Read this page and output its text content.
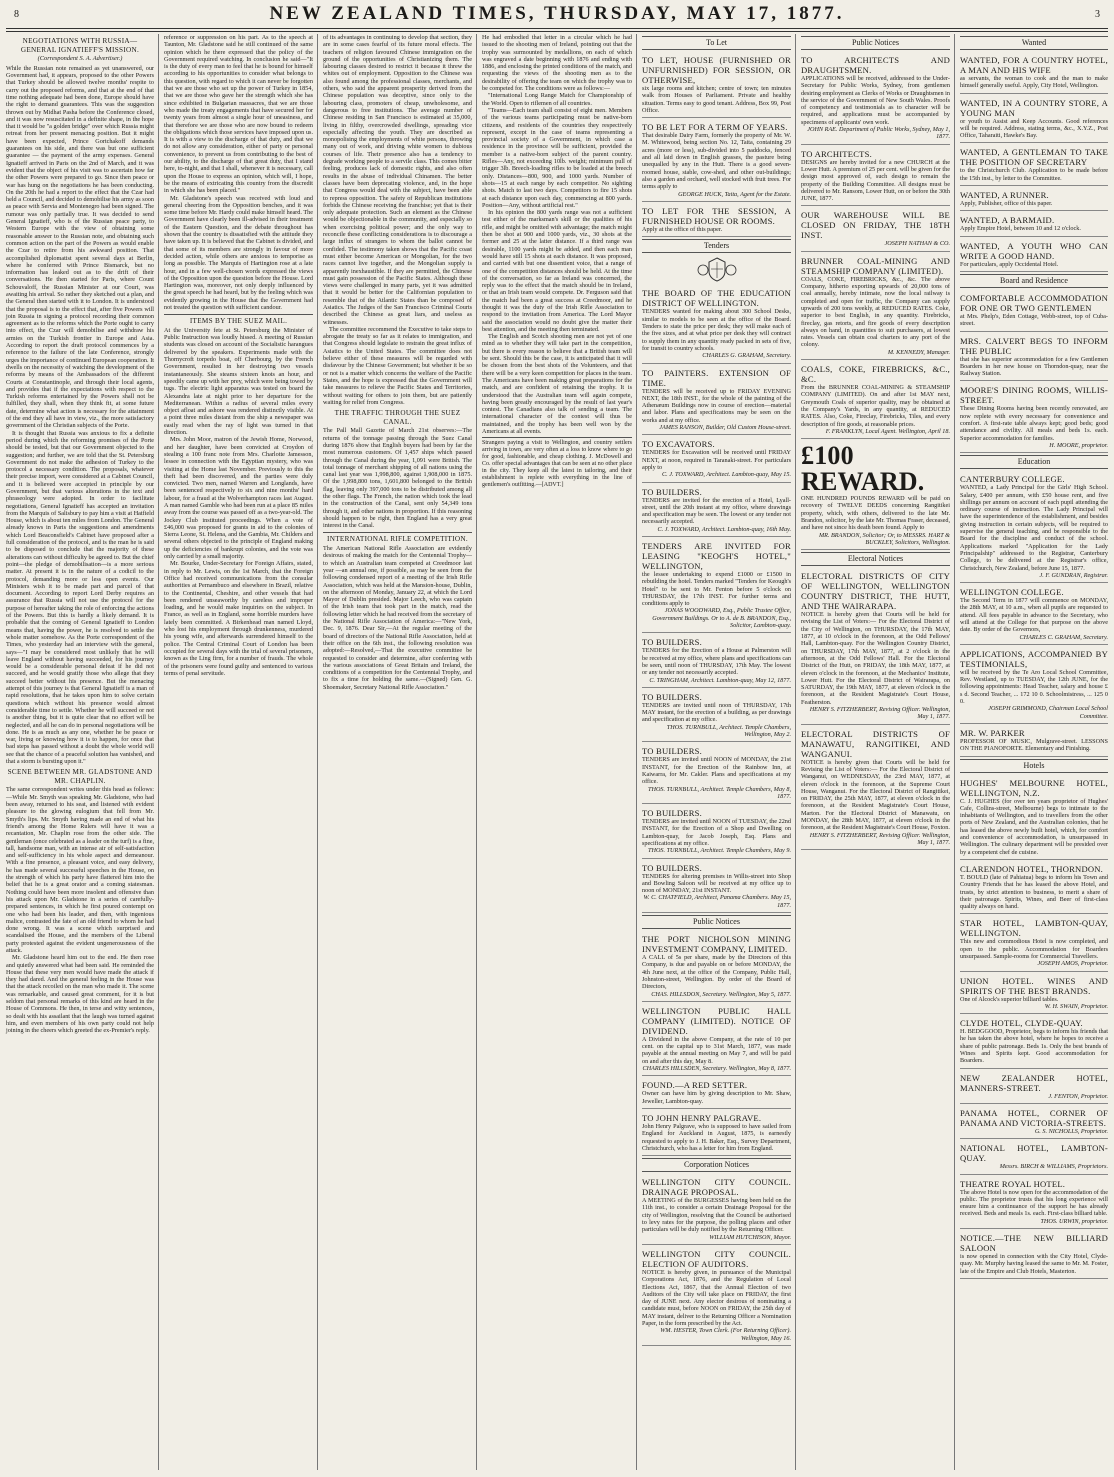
8	NEW ZEALAND TIMES, THURSDAY, MAY 17, 1877.	3
NEGOTIATIONS WITH RUSSIA— GENERAL IGNATIEFF'S MISSION.
(Correspondent S. A. Advertiser.)

While the Russian note remained as yet unanswered, our Government had, it appears, proposed to the other Powers that Turkey should be allowed twelve months' respite to carry out the proposed reforms, and that at the end of that time nothing adequate had been done, Europe should have the right to demand guarantees. This was the suggestion thrown out by Midhat Pasha before the Conference closed, and it was now resuscitated in a definite shape, in the hope that it would be "a golden bridge" over which Russia might retreat from her present menacing position. But it might have been expected, Prince Gortchakoff demands guarantees on his side, and there was but one sufficient guarantee — the payment of the army expenses. General Ignatieff arrived in Paris on the 2nd of March, and it was evident that the object of his visit was to ascertain how far the other Powers were prepared to go. Since then peace or war has hung on the negotiations he has been conducting. On the 20th he had a report to the effect that the Czar had held a Council, and decided to demobilise his army as soon as peace with Servia and Montenegro had been signed. The rumour was only partially true. It was decided to send General Ignatieff, who is of the Russian peace party, to Western Europe with the view of obtaining some reasonable answer to the Russian note, and obtaining such common action on the part of the Powers as would enable the Czar to retire from his awkward position. That accomplished diplomatist spent several days at Berlin, where he conferred with Prince Bismarck, but no information has leaked out as to the drift of their conversations. He then started for Paris, where Count Schouvaloff, the Russian Minister at our Court, was awaiting his arrival. So rather they sketched out a plan, and the General then started with it to London. It is understood that the proposal is to the effect that, after five Powers will join Russia in signing a protocol recording their common agreement as to the reforms which the Porte ought to carry into effect, the Czar will demobilise and withdraw his armies on the Turkish frontier in Europe and Asia. According to report the draft protocol commences by a reference to the failure of the late Conference, strongly urges the importance of continued European cooperation. It dwells on the necessity of watching the development of the reforms by means of the Ambassadors of the different Courts at Constantinople, and through their local agents, and provides that if the expectations with respect to the Turkish reforms entertained by the Powers shall not be fulfilled, they shall, when they think fit, at some future date, determine what action is necessary for the attainment of the end they all have in view, viz., the more satisfactory government of the Christian subjects of the Porte.

It is thought that Russia was anxious to fix a definite period during which the reforming promises of the Porte should be tested, but that our Government objected to the suggestion; and further, we are told that the St. Petersburg Government do not make the adhesion of Turkey to the protocol a necessary condition. The proposals, whatever their precise import, were considered at a Cabinet Council, and it is believed were accepted in principle by our Government, but that various alterations in the text and phraseology were adopted. In order to facilitate negotiations, General Ignatieff has accepted an invitation from the Marquis of Salisbury to pay him a visit at Hatfield House, which is about ten miles from London. The General already knows in Paris the suggestions and amendments which Lord Beaconsfield's Cabinet have proposed after a full consideration of the protocol, and is the man he is said to be disposed to conclude that the majority of these alterations can without difficulty be agreed to. But the chief point—the pledge of demobilisation—is a more serious matter. At present it is in the nature of a codicil to the protocol, demanding more or less open events. Our Ministers wish it to be made part and parcel of that document. According to report Lord Derby requires an assurance that Russia will not use the protocol for the purpose of hereafter taking the role of enforcing the actions of the Powers. But this is hardly a likely demand. It is probable that the coming of General Ignatieff to London means that, having the power, he is resolved to settle the whole matter somehow. As the Porte correspondent of the Times, who yesterday had an interview with the general, says—"I may be considered most unlikely that he will leave England without having succeeded, for his journey would be a considerable personal defeat if he did not succeed, and he would gratify those who allege that they succeed better without his presence. But the menacing attempt of this journey is that General Ignatieff is a man of rapid resolutions, that he takes upon him to solve certain questions which without his presence would almost considerable time to settle. Whether he will succeed or not is another thing, but it is quite clear that no effort will be neglected, and all he can do in personal negotiations will be done. He is as much as any one, whether he be peace or war, living or knowing how it is to happen, for once that bad steps has passed without a doubt the whole world will see that the chance of a peaceful solution has vanished, and that a storm is bursting upon it."

SCENE BETWEEN MR. GLADSTONE AND MR. CHAPLIN.

The same correspondent writes under this head as follows:—While Mr. Smyth was speaking Mr. Gladstone, who had been away, returned to his seat, and listened with evident pleasure to the glowing eulogium that fell from Mr. Smyth's lips. Mr. Smyth having made an end of what his friend's among the Home Rulers will have it was a recantation, Mr. Chaplin rose from the other side. The gentleman (once celebrated as a leader on the turf) is a fine, tall, handsome man, with an intense air of self-satisfaction and self-sufficiency in his whole aspect and demeanour. With a fine presence, a pleasant voice, and easy delivery, he has made several successful speeches in the House, on the strength of which his party have flattered him into the belief that he is a great orator and a coming statesman. Nothing could have been more insolent and offensive than his attack upon Mr. Gladstone in a series of carefully-prepared sentences, in which he first poured contempt on one who had been his leader, and then, with ingenious malice, contrasted the fate of an old friend to whom he had done wrong. It was a scene which surprised and scandalised the House, and the members of the Liberal party protested against the evident ungenerousness of the attack.

Mr. Gladstone heard him out to the end. He then rose and quietly answered what had been said. He reminded the House that these very men would have made the attack if they had dared. And the general feeling in the House was that the attack recoiled on the man who made it. The scene was remarkable, and caused great comment, for it is but seldom that personal remarks of this kind are heard in the House of Commons. He then, in terse and witty sentences, so dealt with his assailant that the laugh was turned against him, and even members of his own party could not help joining in the cheers which greeted the ex-Premier's reply.

reference or suppression on his part. As to the speech at Taunton, Mr. Gladstone said he still continued of the same opinion which he there expressed that the policy of the Government required watching. In conclusion he said—"It is the duty of every man to feel that he is bound for himself according to his opportunities to consider what belongs to this question, with regard to which it can never be forgotten that we are those who set up the power of Turkey in 1854, that we are those who gave her the strength which she has since exhibited in Bulgarian massacres, that we are those who made the treaty engagements that have secured her for twenty years from almost a single hour of uneasiness, and that therefore we are those who are now bound to redeem the obligations which those services have imposed upon us. It is with a view to the discharge of that duty, and that we do not allow any consideration, either of party or personal convenience, to prevent us from contributing to the best of our ability, to the discharge of that great duty, that I stand here, to-night, and that I shall, whenever it is necessary, call upon the House to express an opinion, which will, I hope, be the means of extricating this country from the discredit in which she has been placed."

Mr. Gladstone's speech was received with loud and general cheering from the Opposition benches, and it was some time before Mr. Hardy could make himself heard. The Government have clearly been ill-advised in their treatment of the Eastern Question, and the debate throughout has shown that the country is dissatisfied with the attitude they have taken up. It is believed that the Cabinet is divided, and that some of its members are strongly in favour of more decided action, while others are anxious to temporise as long as possible. The Marquis of Hartington rose at a late hour, and in a few well-chosen words expressed the views of the Opposition upon the question before the House. Lord Hartington was, moreover, not only deeply influenced by the great speech he had heard, but by the feeling which was evidently growing in the House that the Government had not treated the question with sufficient candour.

ITEMS BY THE SUEZ MAIL.

At the University fete at St. Petersburg the Minister of Public Instruction was loudly hissed. A meeting of Russian students was closed on account of the Socialistic harangues delivered by the speakers. Experiments made with the Thornycroft torpedo boat, off Cherbourg, by the French Government, resulted in her destroying two vessels instantaneously. She steams sixteen knots an hour, and speedily came up with her prey, which were being towed by tugs. The electric light apparatus was tested on board the Alexandra late at night prior to her departure for the Mediterranean. Within a radius of several miles every object afloat and ashore was rendered distinctly visible. At a point three miles distant from the ship a newspaper was easily read when the ray of light was turned in that direction.

Mrs. John Moor, matron of the Jewish Home, Norwood, and her daughter, have been convicted at Croydon of stealing a 100 franc note from Mrs. Charlotte Jamesson, lessee in connection with the Egyptian mystery, who was visiting at the Home last November. Previously to this the theft had been discovered, and the parties were duly convicted. Two men, named Warren and Longlands, have been sentenced respectively to six and nine months' hard labour, for a fraud at the Wolverhampton races last August. A man named Gamble who had been run at a place 85 miles away from the course was passed off as a two-year-old. The Jockey Club instituted proceedings. When a vote of £46,000 was proposed for grants in aid to the colonies of Sierra Leone, St. Helena, and the Gambia, Mr. Childers and several others objected to the principle of England making up the deficiencies of bankrupt colonies, and the vote was only carried by a small majority.

Mr. Bourke, Under-Secretary for Foreign Affairs, stated, in reply to Mr. Lewis, on the 1st March, that the Foreign Office had received communications from the consular authorities at Pernambuco and elsewhere in Brazil, relative to the Continental, Cheshire, and other vessels that had been rendered unseaworthy by careless and improper loading, and he would make inquiries on the subject. In France, as well as in England, some horrible murders have lately been committed. A Birkenhead man named Lloyd, who lost his employment through drunkenness, murdered his young wife, and afterwards surrendered himself to the police. The Central Criminal Court of London has been occupied for several days with the trial of several prisoners, known as the Ling firm, for a number of frauds. The whole of the prisoners were found guilty and sentenced to various terms of penal servitude.

of its advantages in continuing to develop that section, they are in some cases fearful of its future moral effects. The teachers of religion favoured Chinese immigration on the ground of the opportunities of Christianizing them. The labouring classes desired to restrict it because it threw the whites out of employment. Opposition to the Chinese was also found among the professional classes, merchants, and others, who said the apparent prosperity derived from the Chinese population was deceptive, since only to the labouring class, promoters of cheap, unwholesome, and dangerous to free institutions. The average number of Chinese residing in San Francisco is estimated at 35,000, living in filthy, overcrowded dwellings, spreading vice especially affecting the youth. They are described as monopolising the employments of white persons, throwing many out of work, and driving white women to dubious courses of life. Their presence also has a tendency to degrade working people to a servile class. This comes bitter feeling, produces lack of domestic rights, and also often results in the abuse of individual Chinamen. The better classes have been deprecating violence, and, in the hope that Congress would deal with the subject, have been able to repress opposition. The safety of Republican institutions forbids the Chinese receiving the franchise; yet that is their only adequate protection. Such an element as the Chinese would be objectionable in the community, and especially so when exercising political power; and the only way to reconcile these conflicting considerations is to discourage a large influx of strangers to whom the ballot cannot be confided. The testimony taken shows that the Pacific coast must either become American or Mongolian, for the two races cannot live together, and the Mongolian supply is apparently inexhaustible. If they are permitted, the Chinese must gain possession of the Pacific States. Although these views were challenged in many parts, yet it was admitted that it would be better for the Californian population to resemble that of the Atlantic States than be composed of Asiatics. The Judges of the San Francisco Criminal Courts described the Chinese as great liars, and useless as witnesses.

The committee recommend the Executive to take steps to abrogate the treaty so far as it relates to immigration, and that Congress should legislate to restrain the great influx of Asiatics to the United States. The committee does not believe either of these measures will be regarded with disfavour by the Chinese Government; but whether it be so or not is a matter which concerns the welfare of the Pacific States, and the hope is expressed that the Government will take measures to relieve the Pacific States and Territories, without waiting for others to join them, but are patiently waiting for relief from Congress.

THE TRAFFIC THROUGH THE SUEZ CANAL.

The Pall Mall Gazette of March 21st observes:—The returns of the tonnage passing through the Suez Canal during 1876 show that English buyers had been by far the most numerous customers. Of 1,457 ships which passed through the Canal during the year, 1,091 were British. The total tonnage of merchant shipping of all nations using the canal last year was 1,998,800, against 1,908,000 in 1875. Of the 1,998,800 tons, 1,601,800 belonged to the British flag, leaving only 397,000 tons to be distributed among all the other flags. The French, the nation which took the lead in the construction of the Canal, sent only 54,349 tons through it, and other nations in proportion. If this reasoning should happen to be right, then England has a very great interest in the Canal.

INTERNATIONAL RIFLE COMPETITION.

The American National Rifle Association are evidently desirous of making the match for the Centennial Trophy—to which an Australian team competed at Creedmoor last year —an annual one, if possible, as may be seen from the following condensed report of a meeting of the Irish Rifle Association, which was held at the Mansion-house, Dublin, on the afternoon of Monday, January 22, at which the Lord Mayor of Dublin presided. Major Leech, who was captain of the Irish team that took part in the match, read the following letter which he had received from the secretary of the National Rifle Association of America:—"New York, Dec. 9, 1876. Dear Sir,—At the regular meeting of the board of directors of the National Rifle Association, held at their office on the 6th inst., the following resolution was adopted:—Resolved,—That the executive committee be requested to consider and determine, after conferring with the various associations of Great Britain and Ireland, the conditions of a competition for the Centennial Trophy, and to fix a time for holding the same.—(Signed) Gen. G. Shoemaker, Secretary National Rifle Association."

He had embodied that letter in a circular which he had issued to the shooting men of Ireland, pointing out that the trophy was surmounted by medallions, on each of which was engraved a date beginning with 1876 and ending with 1886, and enclosing the printed conditions of the match, and requesting the views of the shooting men as to the desirability of offering the team on which the trophy was to be competed for. The conditions were as follows:—

"International Long Range Match for Championship of the World. Open to riflemen of all countries.

"Teams—Each team shall consist of eight men. Members of the various teams participating must be native-born citizens, and residents of the countries they respectively represent, except in the case of teams representing a provincial society of a Government, in which case a residence in the province will be sufficient, provided the member is a native-born subject of the parent country. Rifles—Any, not exceeding 10lb. weight; minimum pull of trigger 3lb. Breech-loading rifles to be loaded at the breech only. Distances—800, 900, and 1000 yards. Number of shots—15 at each range by each competitor. No sighting shots. Match to last two days. Competitors to fire 15 shots at each distance upon each day, commencing at 800 yards. Position—Any, without artificial rest."

In his opinion the 800 yards range was not a sufficient test either of the marksman's skill or the qualities of his rifle, and might be omitted with advantage; the match might then be shot at 900 and 1000 yards, viz., 30 shots at the former and 25 at the latter distance. If a third range was desirable, 1100 yards might be added, and then each man would have still 15 shots at each distance. It was proposed, and carried with but one dissentient voice, that a range of one of the competition distances should be held. At the time of the conversation, so far as Ireland was concerned, the reply was to the effect that the match should be in Ireland, or that an Irish team would compete. Dr. Ferguson said that the match had been a great success at Creedmoor, and he thought it was the duty of the Irish Rifle Association to respond to the invitation from America. The Lord Mayor said the association would no doubt give the matter their best attention, and the meeting then terminated.

The English and Scotch shooting men are not yet of one mind as to whether they will take part in the competition, but there is every reason to believe that a British team will be sent. Should this be the case, it is anticipated that it will be chosen from the best shots of the Volunteers, and that there will be a very keen competition for places in the team. The Americans have been making great preparations for the match, and are confident of retaining the trophy. It is understood that the Australian team will again compete, having been greatly encouraged by the result of last year's contest. The Canadians also talk of sending a team. The international character of the contest will thus be maintained, and the trophy has been well won by the Americans at all events.

Strangers paying a visit to Wellington, and country settlers arriving in town, are very often at a loss to know where to go for good, fashionable, and cheap clothing. J. McDowell and Co. offer special advantages that can be seen at no other place in the city. They keep all the latest in tailoring, and their establishment is replete with everything in the line of gentlemen's outfitting.—[ADVT.]

To Let
TO LET, HOUSE (FURNISHED OR UNFURNISHED) FOR SESSION, OR OTHERWISE,
six large rooms and kitchen; centre of town; ten minutes walk from Houses of Parliament. Private and healthy situation. Terms easy to good tenant. Address, Box 99, Post Office.
TO BE LET FOR A TERM OF YEARS.
That desirable Dairy Farm, formerly the property of Mr. W. M. Whitewood, being section No. 12, Taita, containing 29 acres (more or less), sub-divided into 5 paddocks, fenced and all laid down in English grasses, the pasture being unequalled by any in the Hutt. There is a good seven-roomed house, stable, cow-shed, and other out-buildings; also a garden and orchard, well stocked with fruit trees. For terms apply to
GEORGE HUCK, Taita, Agent for the Estate.
TO LET FOR THE SESSION, A FURNISHED HOUSE OR ROOMS.
Apply at the office of this paper.
Tenders
THE BOARD OF THE EDUCATION DISTRICT OF WELLINGTON.
TENDERS wanted for making about 300 School Desks, similar to models to be seen at the office of the Board. Tenders to state the price per desk; they will make each of the five sizes, and at what price per desk they will contract to supply them in any quantity ready packed in sets of five, for transit to country schools.
CHARLES G. GRAHAM, Secretary.
TO PAINTERS. EXTENSION OF TIME.
TENDERS will be received up to FRIDAY EVENING NEXT, the 18th INST., for the whole of the painting of the Athenæum Buildings now in course of erection—material and labor. Plans and specifications may be seen on the works and at my office.
JAMES RANSON, Builder, Old Custom House-street.
TO EXCAVATORS.
TENDERS for Excavation will be received until FRIDAY NEXT, at noon, required in Taranaki-street. For particulars apply to
C. J. TOXWARD, Architect. Lambton-quay, May 15.
TO BUILDERS.
TENDERS are invited for the erection of a Hotel, Lyall-street, until the 20th instant at my office, where drawings and specification may be seen. The lowest or any tender not necessarily accepted.
C. J. TOXWARD, Architect. Lambton-quay, 16th May.
TENDERS ARE INVITED FOR LEASING "KEOGH'S HOTEL," WELLINGTON,
the lessee undertaking to expend £1000 or £1500 in rebuilding the hotel. Tenders marked "Tenders for Keough's Hotel" to be sent to Mr. Fenton before 5 o'clock on THURSDAY, the 17th INST. For further terms and conditions apply to
JONAS WOODWARD, Esq., Public Trustee Office, Government Buildings. Or to A. de B. BRANDON, Esq., Solicitor, Lambton-quay.
TO BUILDERS.
TENDERS for the Erection of a House at Palmerston will be received at my office, where plans and specifications can be seen, until noon of THURSDAY, 17th May. The lowest or any tender not necessarily accepted.
C. TRINGHAM, Architect. Lambton-quay, May 12, 1877.
TO BUILDERS.
TENDERS are invited until noon of THURSDAY, 17th MAY instant, for the erection of a building, as per drawings and specification at my office.
THOS. TURNBULL, Architect. Temple Chambers, Wellington, May 2.
TO BUILDERS.
TENDERS are invited until NOON of MONDAY, the 21st INSTANT, for the Erection of the Rainbow Inn, at Kaiwarra, for Mr. Cakler. Plans and specifications at my office.
THOS. TURNBULL, Architect. Temple Chambers, May 8, 1877.
TO BUILDERS.
TENDERS are invited until NOON of TUESDAY, the 22nd INSTANT, for the Erection of a Shop and Dwelling on Lambton-quay, for Jacob Joseph, Esq. Plans and specifications at my office.
THOS. TURNBULL, Architect. Temple Chambers, May 9.
TO BUILDERS.
TENDERS for altering premises in Willis-street into Shop and Bowling Saloon will be received at my office up to noon of MONDAY, 21st INSTANT.
W. C. CHATFIELD, Architect, Panama Chambers. May 15, 1877.
Public Notices
THE PORT NICHOLSON MINING INVESTMENT COMPANY, LIMITED.
A CALL of 5s per share, made by the Directors of this Company, is due and payable on or before MONDAY, the 4th June next, at the office of the Company, Public Hall, Johnston-street, Wellington. By order of the Board of Directors,
CHAS. HILLSDON, Secretary. Wellington, May 5, 1877.
WELLINGTON PUBLIC HALL COMPANY (LIMITED). NOTICE OF DIVIDEND.
A Dividend in the above Company, at the rate of 10 per cent. on the capital up to 31st March, 1877, was made payable at the annual meeting on May 7, and will be paid on and after this day, May 8.
CHARLES HILLSDEN, Secretary. Wellington, May 8, 1877.
FOUND.—A RED SETTER.
Owner can have him by giving description to Mr. Shaw, Jeweller, Lambton-quay.
TO JOHN HENRY PALGRAVE.
John Henry Palgrave, who is supposed to have sailed from England for Auckland in August, 1875, is earnestly requested to apply to J. H. Baker, Esq., Survey Department, Christchurch, who has a letter for him from England.
Corporation Notices
WELLINGTON CITY COUNCIL. DRAINAGE PROPOSAL.
A MEETING of the BURGESSES having been held on the 11th inst., to consider a certain Drainage Proposal for the city of Wellington, resolving that the Council be authorised to levy rates for the purpose, the polling places and other particulars will be duly notified by the Returning Officer.
WILLIAM HUTCHISON, Mayor.
WELLINGTON CITY COUNCIL. ELECTION OF AUDITORS.
NOTICE is hereby given, in pursuance of the Municipal Corporations Act, 1876, and the Regulation of Local Elections Act, 1867, that the Annual Election of two Auditors of the City will take place on FRIDAY, the first day of JUNE next. Any elector desirous of nominating a candidate must, before NOON on FRIDAY, the 25th day of MAY instant, deliver to the Returning Officer a Nomination Paper, in the form prescribed by the Act.
WM. HESTER, Town Clerk. (For Returning Officer). Wellington, May 16.
Public Notices
TO ARCHITECTS AND DRAUGHTSMEN.
APPLICATIONS will be received, addressed to the Under-Secretary for Public Works, Sydney, from gentlemen desiring employment as Clerks of Works or Draughtsmen in the service of the Government of New South Wales. Proofs of competency and testimonials as to character will be required, and applications must be accompanied by specimens of applicants' own work.
JOHN RAE. Department of Public Works, Sydney, May 1, 1877.
TO ARCHITECTS.
DESIGNS are hereby invited for a new CHURCH at the Lower Hutt. A premium of 25 per cent. will be given for the design most approved of, such design to remain the property of the Building Committee. All designs must be delivered to Mr. Ransom, Lower Hutt, on or before the 30th JUNE, 1877.
OUR WAREHOUSE WILL BE CLOSED ON FRIDAY, THE 18TH INST.
JOSEPH NATHAN & CO.
BRUNNER COAL-MINING AND STEAMSHIP COMPANY (LIMITED).
COALS, COKE, FIREBRICKS, &c., &c. The above Company, hitherto exporting upwards of 20,000 tons of coal annually, hereby intimate, now the local railway is completed and open for traffic, the Company can supply upwards of 200 tons weekly, at REDUCED RATES. Coke, superior to best English, in any quantity. Firebricks, fireclay, gas retorts, and fire goods of every description always on hand, in quantities to suit purchasers, at lowest rates. Vessels can obtain coal charters to any port of the colony.
M. KENNEDY, Manager.
COALS, COKE, FIREBRICKS, &C., &C.
From the BRUNNER COAL-MINING & STEAMSHIP COMPANY (LIMITED). On and after 1st MAY next, Greymouth Coals of superior quality, may be obtained at the Company's Yards, in any quantity, at REDUCED RATES. Also, Coke, Fireclay, Firebricks, Tiles, and every description of fire goods, at reasonable prices.
F. FRANKLYN, Local Agent. Wellington, April 18.
£100 REWARD.
ONE HUNDRED POUNDS REWARD will be paid on recovery of TWELVE DEEDS concerning Rangitikei property, which, with others, delivered to the late Mr. Brandon, solicitor, by the late Mr. Thomas Fraser, deceased, and have not since his death been found. Apply to
MR. BRANDON, Solicitor; Or, to MESSRS. HART & BUCKLEY, Solicitors, Wellington.
Electoral Notices
ELECTORAL DISTRICTS OF CITY OF WELLINGTON, WELLINGTON COUNTRY DISTRICT, THE HUTT, AND THE WAIRARAPA.
NOTICE is hereby given that Courts will be held for revising the List of Voters:— For the Electoral District of the City of Wellington, on THURSDAY, the 17th MAY, 1877, at 10 o'clock in the forenoon, at the Odd Fellows' Hall, Lambton-quay. For the Wellington Country District, on THURSDAY, 17th MAY, 1877, at 2 o'clock in the afternoon, at the Odd Fellows' Hall. For the Electoral District of the Hutt, on FRIDAY, the 18th MAY, 1877, at eleven o'clock in the forenoon, at the Mechanics' Institute, Lower Hutt. For the Electoral District of Wairarapa, on SATURDAY, the 19th MAY, 1877, at eleven o'clock in the forenoon, at the Resident Magistrate's Court House, Featherston.
HENRY S. FITZHERBERT, Revising Officer. Wellington, May 1, 1877.
ELECTORAL DISTRICTS OF MANAWATU, RANGITIKEI, AND WANGANUI.
NOTICE is hereby given that Courts will be held for Revising the List of Voters:— For the Electoral District of Wanganui, on WEDNESDAY, the 23rd MAY, 1877, at eleven o'clock in the forenoon, at the Supreme Court House, Wanganui. For the Electoral District of Rangitikei, on FRIDAY, the 25th MAY, 1877, at eleven o'clock in the forenoon, at the Resident Magistrate's Court House, Marton. For the Electoral District of Manawatu, on MONDAY, the 28th MAY, 1877, at eleven o'clock in the forenoon, at the Resident Magistrate's Court House, Foxton.
HENRY S. FITZHERBERT, Revising Officer. Wellington, May 1, 1877.
Wanted
WANTED, FOR A COUNTRY HOTEL, A MAN AND HIS WIFE
as servants, the woman to cook and the man to make himself generally useful. Apply, City Hotel, Wellington.
WANTED, IN A COUNTRY STORE, A YOUNG MAN
or youth to Assist and Keep Accounts. Good references will be required. Address, stating terms, &c., X.Y.Z., Post Office, Taharaiti, Hawke's Bay.
WANTED, A GENTLEMAN TO TAKE THE POSITION OF SECRETARY
to the Christchurch Club. Application to be made before the 15th inst., by letter to the Committee.
WANTED, A RUNNER.
Apply, Publisher, office of this paper.
WANTED, A BARMAID.
Apply Empire Hotel, between 10 and 12 o'clock.
WANTED, A YOUTH WHO CAN WRITE A GOOD HAND.
For particulars, apply Occidental Hotel.
Board and Residence
COMFORTABLE ACCOMMODATION FOR ONE OR TWO GENTLEMEN
at Mrs. Phelp's, Eden Cottage, Webb-street, top of Cuba-street.
MRS. CALVERT BEGS TO INFORM THE PUBLIC
that she has superior accommodation for a few Gentlemen Boarders in her new house on Thorndon-quay, near the Railway Station.
MOORE'S DINING ROOMS, WILLIS-STREET.
These Dining Rooms having been recently renovated, are now replete with every necessary for convenience and comfort. A first-rate table always kept; good beds; good attendance and civility. All meals and beds 1s. each. Superior accommodation for families.
H. MOORE, proprietor.
Education
CANTERBURY COLLEGE.
WANTED, a Lady Principal for the Girls' High School. Salary, £400 per annum, with £50 house rent, and five shillings per annum on account of each pupil attending the ordinary course of instruction. The Lady Principal will have the superintendence of the establishment, and besides giving instruction in certain subjects, will be required to supervise the general teaching, and be responsible to the Board for the discipline and conduct of the school. Applications marked "Application for the Lady Principalship" addressed to the Registrar, Canterbury College, to be delivered at the Registrar's office, Christchurch, New Zealand, before June 15, 1877.
J. F. GUNDRAN, Registrar.
WELLINGTON COLLEGE.
The Second Term in 1877 will commence on MONDAY, the 28th MAY, at 10 a.m., when all pupils are requested to attend. All fees payable in advance to the Secretary, who will attend at the College for that purpose on the above date. By order of the Governors,
CHARLES C. GRAHAM, Secretary.
APPLICATIONS, ACCOMPANIED BY TESTIMONIALS,
will be received by the Te Aro Local School Committee, Rev. Westland, up to TUESDAY, the 12th JUNE, for the following appointments: Head Teacher, salary and house £ s d. Second Teacher, ... 172 10 0. Schoolmistress, ... 125 0 0.
JOSEPH GRIMMOND, Chairman Local School Committee.
MR. W. PARKER
PROFESSOR OF MUSIC, Mulgrave-street. LESSONS ON THE PIANOFORTE. Elementary and Finishing.
Hotels
HUGHES' MELBOURNE HOTEL, WELLINGTON, N.Z.
C. J. HUGHES (for over ten years proprietor of Hughes' Cafe, Collins-street, Melbourne) begs to intimate to the inhabitants of Wellington, and to travellers from the other ports of New Zealand, and the Australian colonies, that he has leased the above newly built hotel, which, for comfort and convenience of accommodation, is unsurpassed in Wellington. The culinary department will be presided over by a competent chef de cuisine.
CLARENDON HOTEL, THORNDON.
T. BOULD (late of Pahiatua) begs to inform his Town and Country Friends that he has leased the above Hotel, and trusts, by strict attention to business, to merit a share of their patronage. Spirits, Wines, and Beer of first-class quality always on hand.
STAR HOTEL, LAMBTON-QUAY, WELLINGTON.
This new and commodious Hotel is now completed, and open to the public. Accommodation for Boarders unsurpassed. Sample-rooms for Commercial Travellers.
JOSEPH AMOS, Proprietor.
UNION HOTEL. WINES AND SPIRITS OF THE BEST BRANDS.
One of Alcock's superior billiard tables.
W. H. SWAIN, Proprietor.
CLYDE HOTEL, CLYDE-QUAY.
H. BEDGGOOD, Proprietor, begs to inform his friends that he has taken the above hotel, where he hopes to receive a share of public patronage. Beds 1s. Only the best brands of Wines and Spirits kept. Good accommodation for Boarders.
NEW ZEALANDER HOTEL, MANNERS-STREET.
J. FENTON, Proprietor.
PANAMA HOTEL, CORNER OF PANAMA AND VICTORIA-STREETS.
G. S. NICHOLLS, Proprietor.
NATIONAL HOTEL, LAMBTON-QUAY.
Messrs. BIRCH & WILLIAMS, Proprietors.
THEATRE ROYAL HOTEL.
The above Hotel is now open for the accommodation of the public. The proprietor trusts that his long experience will ensure him a continuance of the support he has already received. Beds and meals 1s. each. First-class billiard table.
THOS. URWIN, proprietor.
NOTICE.—THE NEW BILLIARD SALOON
is now opened in connection with the City Hotel, Clyde-quay. Mr. Murphy having leased the same to Mr. M. Foster, late of the Empire and Club Hotels, Masterton.
